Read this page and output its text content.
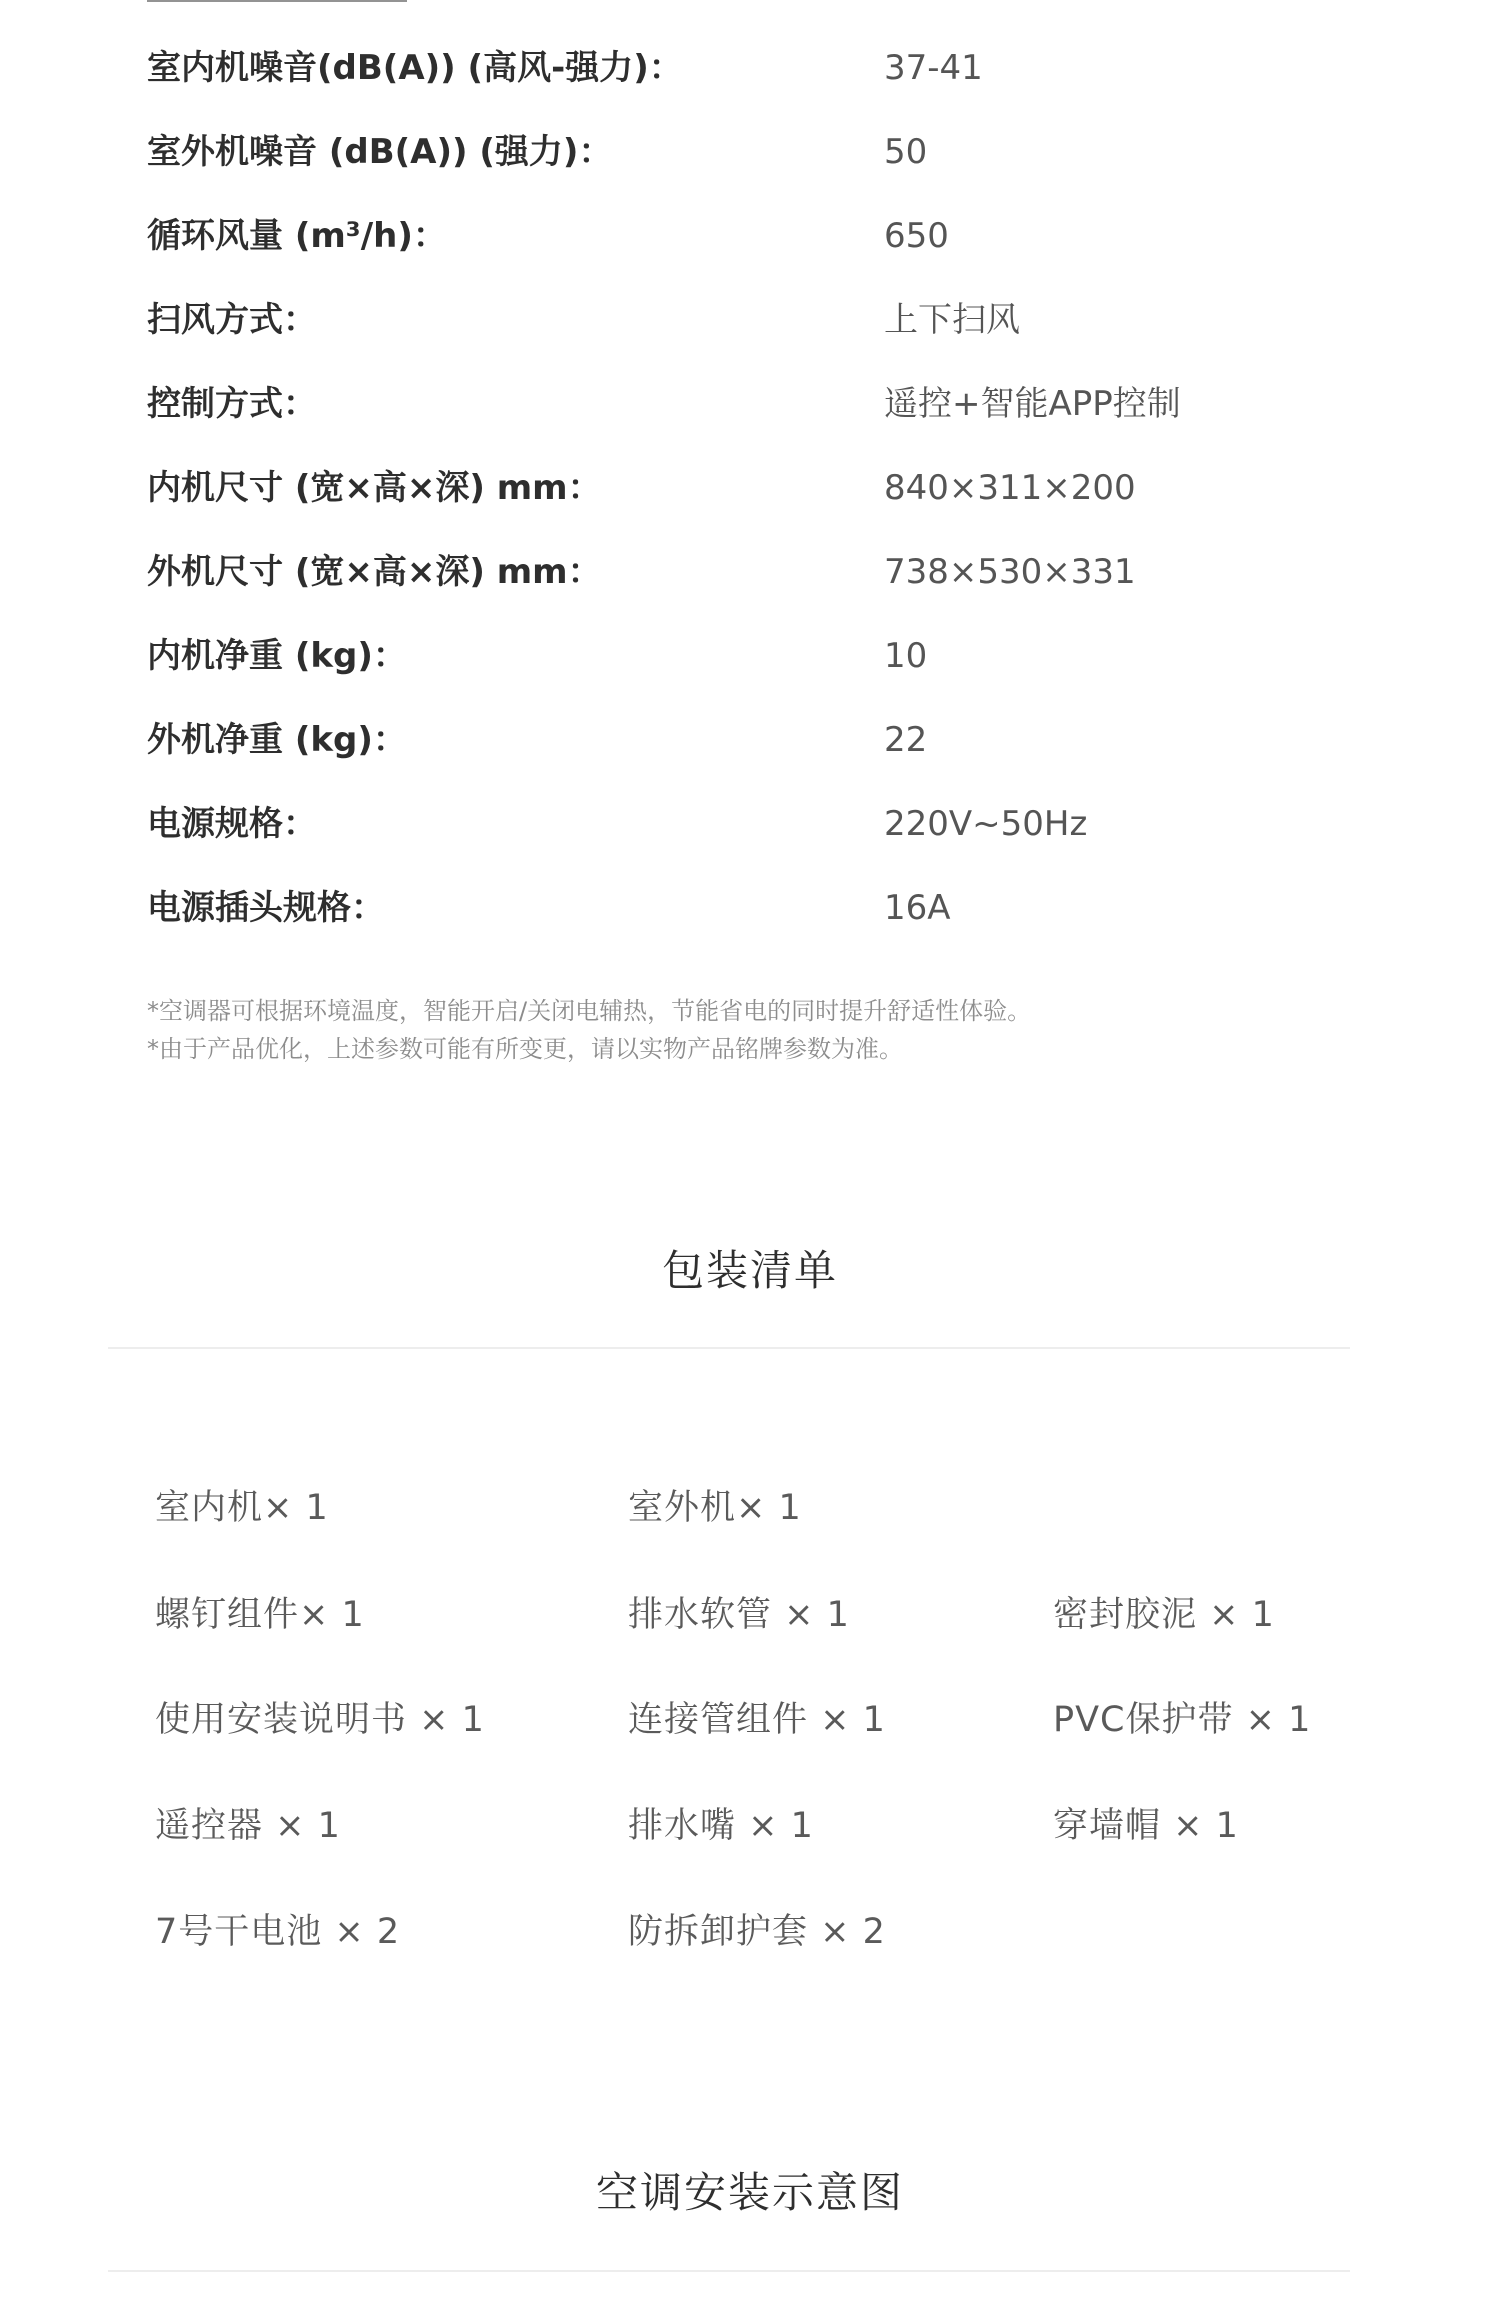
室内机噪音(dB(A)) (高风-强力)：	37-41
室外机噪音 (dB(A)) (强力)：	50
循环风量 (m³/h)：	650
扫风方式：	上下扫风
控制方式：	遥控+智能APP控制
内机尺寸 (宽×高×深) mm：	840×311×200
外机尺寸 (宽×高×深) mm：	738×530×331
内机净重 (kg)：	10
外机净重 (kg)：	22
电源规格：	220V~50Hz
电源插头规格：	16A
*空调器可根据环境温度，智能开启/关闭电辅热，节能省电的同时提升舒适性体验。
*由于产品优化，上述参数可能有所变更，请以实物产品铭牌参数为准。
包装清单
室内机× 1	室外机× 1
螺钉组件× 1	排水软管 × 1	密封胶泥 × 1
使用安装说明书 × 1	连接管组件 × 1	PVC保护带 × 1
遥控器 × 1	排水嘴 × 1	穿墙帽 × 1
7号干电池 × 2	防拆卸护套 × 2
空调安装示意图
